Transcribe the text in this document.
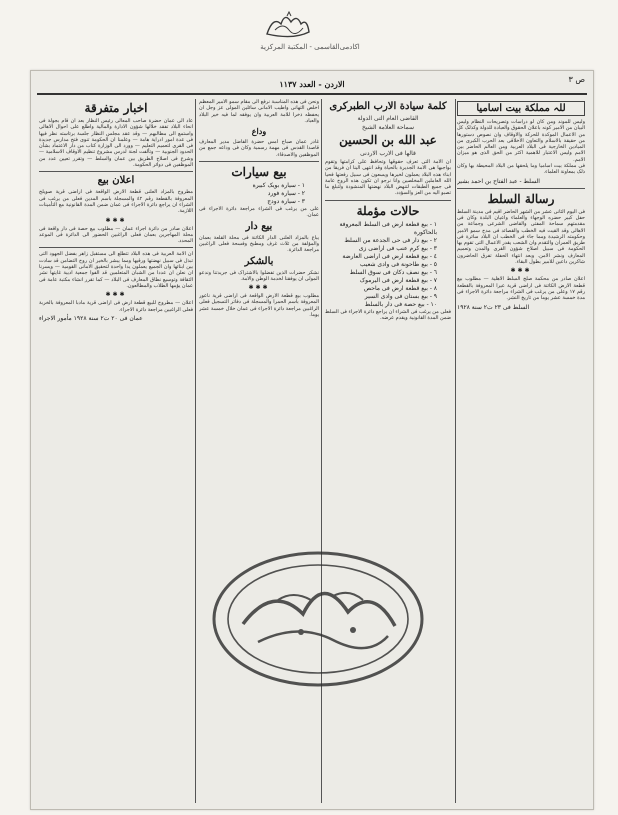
اکادمی‌القاسمی - المکتبة المرکزیة
ص ٣
الاردن - العدد ١١٣٧
للہ مملکة بیت اسامیا
ولیس للموند ومن کان لو دراسات وتصریحات النظام ولیس البیان من الامیر کونه باعلان الحقوق والعبادة للدولة وکذلک کل من الاعمال الموکدة للحرکة والاوقاف وان نصوص دستورها من حقیقة بالاسلام والتعاون الاخلاقی بعد الحرب الکبری من المیادین الخارجیة فی البلاد العربیة ومن العالم الحاضر بین الامم ولیس الاعتبار للاهمیة اکثر من الحق الذی هو میزان الامم.
فی مملکة بیت اسامیا وما یلحقها من البلاد المحیطة بها وکان ذلک بمعاونة العلماء.
السلط - عبد الفتاح بن احمد بشیر
رسالة السلط
فی الیوم الثانی عشر من الشهر الحاضر اقیم فی مدینة السلط حفل کبیر حضره الوجهاء والعلماء واعیان البلدة وکان فی مقدمتهم سماحة المفتی والقاضی الشرعی وجماعة من الاهالی وقد القیت فیه الخطب والقصائد فی مدح سمو الامیر وحکومته الرشیدة ومما جاء فی الخطب ان البلاد سائرة فی طریق العمران والتقدم وان الشعب یقدر الاعمال التی تقوم بها الحکومة فی سبیل اصلاح شؤون القری والمدن وتعمیم المعارف ونشر الامن. وبعد انتهاء الحفلة تفرق الحاضرون شاکرین داعین للامیر بطول البقاء.
✱✱✱
اعلان صادر من محکمة صلح السلط الاهلیة — مطلوب بیع قطعة الارض الکائنة فی اراضی قریة عیرا المعروفة بالقطعة رقم ١٧ وعلی من یرغب فی الشراء مراجعة دائرة الاجراء فی مدة خمسة عشر یوما من تاریخ النشر.
السلط فی ٢٣ ت٢ سنة ١٩٢٨
کلمة سیادة الارب الطبرکری
القاضی العام التی الدولة
سماحة العلامة الشیخ
عبد الله بن الحسین
قالها فی الارب الاردنی
ان الامة التی تعرف حقوقها وتحافظ علی کرامتها وتقوم بواجبها هی الامة الجدیرة بالحیاة وقد انتهی الینا ان فریقا من ابناء هذه البلاد یعملون لخیرها ویسعون فی سبیل رفعتها فحیا الله العاملین المخلصین وانا نرجو ان تکون هذه الروح عامة فی جمیع الطبقات لتنهض البلاد نهضتها المنشودة ولتبلغ ما تصبو الیه من العز والسؤدد.
حالات مؤملة
١ - بیع قطعة ارض فی السلط المعروفة بالحاکورة
٢ - بیع دار فی حی الجدعة من السلط
٣ - بیع کرم عنب فی اراضی زی
٤ - بیع قطعة ارض فی اراضی العارضة
٥ - بیع طاحونة فی وادی شعیب
٦ - بیع نصف دکان فی سوق السلط
٧ - بیع قطعة ارض فی الیرموک
٨ - بیع قطعة ارض فی ماحص
٩ - بیع بستان فی وادی السیر
١٠ - بیع حصة فی دار بالسلط
فعلی من یرغب فی الشراء ان یراجع دائرة الاجراء فی السلط ضمن المدة القانونیة ویقدم عرضه.
ونحن فی هذه المناسبة نرفع الی مقام سمو الامیر المعظم اخلص التهانی واطیب الامانی سائلین المولی عز وجل ان یحفظه ذخرا للامة العربیة وان یوفقه لما فیه خیر البلاد والعباد.
وداع
غادر عمان صباح امس حضرة الفاضل مدیر المعارف قاصدا القدس فی مهمة رسمیة وکان فی وداعه جمع من الموظفین والاصدقاء.
بیع سیارات
١ - سیارة بویک کبیرة
٢ - سیارة فورد
٣ - سیارة دودج
علی من یرغب فی الشراء مراجعة دائرة الاجراء فی عمان.
بیع دار
یباع بالمزاد العلنی الدار الکائنة فی محلة القلعة بعمان والمؤلفة من ثلاث غرف ومطبخ وفسحة فعلی الراغبین مراجعة الدائرة.
بالشکر
نشکر حضرات الذین تفضلوا بالاشتراک فی جریدتنا وندعو المولی ان یوفقنا لخدمة الوطن والامة.
✱✱✱
مطلوب بیع قطعة الارض الواقعة فی اراضی قریة ناعور المعروفة باسم الحمرا والمسجلة فی دفاتر التسجیل فعلی الراغبین مراجعة دائرة الاجراء فی عمان خلال خمسة عشر یوما.
اخبار متفرقة
عاد الی عمان حضرة صاحب المعالی رئیس النظار بعد ان قام بجولة فی انحاء البلاد تفقد خلالها شؤون الادارة والمالیة واطلع علی احوال الاهالی واستمع الی مطالبهم — وقد عقد مجلس النظار جلسة برئاسته نظر فیها فی عدة امور ادرایة هامة — وعلمنا ان الحکومة تنوی فتح مدارس جدیدة فی القری لتعمیم التعلیم — وورد الی الوزارة کتاب من دار الاعتماد بشأن الحدود الجنوبیة — وتألفت لجنة لدرس مشروع تنظیم الاوقاف الاسلامیة — وشرع فی اصلاح الطریق بین عمان والسلط — وتقرر تعیین عدد من الموظفین فی دوائر الحکومة.
اعلان بیع
مطروح بالمزاد العلنی قطعة الارض الواقعة فی اراضی قریة صویلح المعروفة بالقطعة رقم ٤٢ والمسجلة باسم المدین فعلی من یرغب فی الشراء ان یراجع دائرة الاجراء فی عمان ضمن المدة القانونیة مع التأمینات اللازمة.
✱✱✱
اعلان صادر من دائرة اجراء عمان — مطلوب بیع حصة فی دار واقعة فی محلة المهاجرین بعمان فعلی الراغبین الحضور الی الدائرة فی الموعد المحدد.
ان الامة العربیة فی هذه البلاد تتطلع الی مستقبل زاهر بفضل الجهود التی تبذل فی سبیل نهضتها ورقیها ومما یبشر بالخیر ان روح التضامن قد سادت بین ابنائها وان الجمیع یعملون یدا واحدة لتحقیق الامانی القومیة — ویسرنا ان نعلن ان عددا من الشبان المتعلمین قد الفوا جمعیة ادبیة غایتها نشر الثقافة وتوسیع نطاق المعارف فی البلاد — کما تقرر انشاء مکتبة عامة فی عمان یؤمها الطلاب والمطالعون.
✱✱✱
اعلان — مطروح للبیع قطعة ارض فی اراضی قریة مادبا المعروفة بالخربة فعلی الراغبین مراجعة دائرة الاجراء.
عمان فی ٢٠ ت٢ سنة ١٩٢٨ مأمور الاجراء
